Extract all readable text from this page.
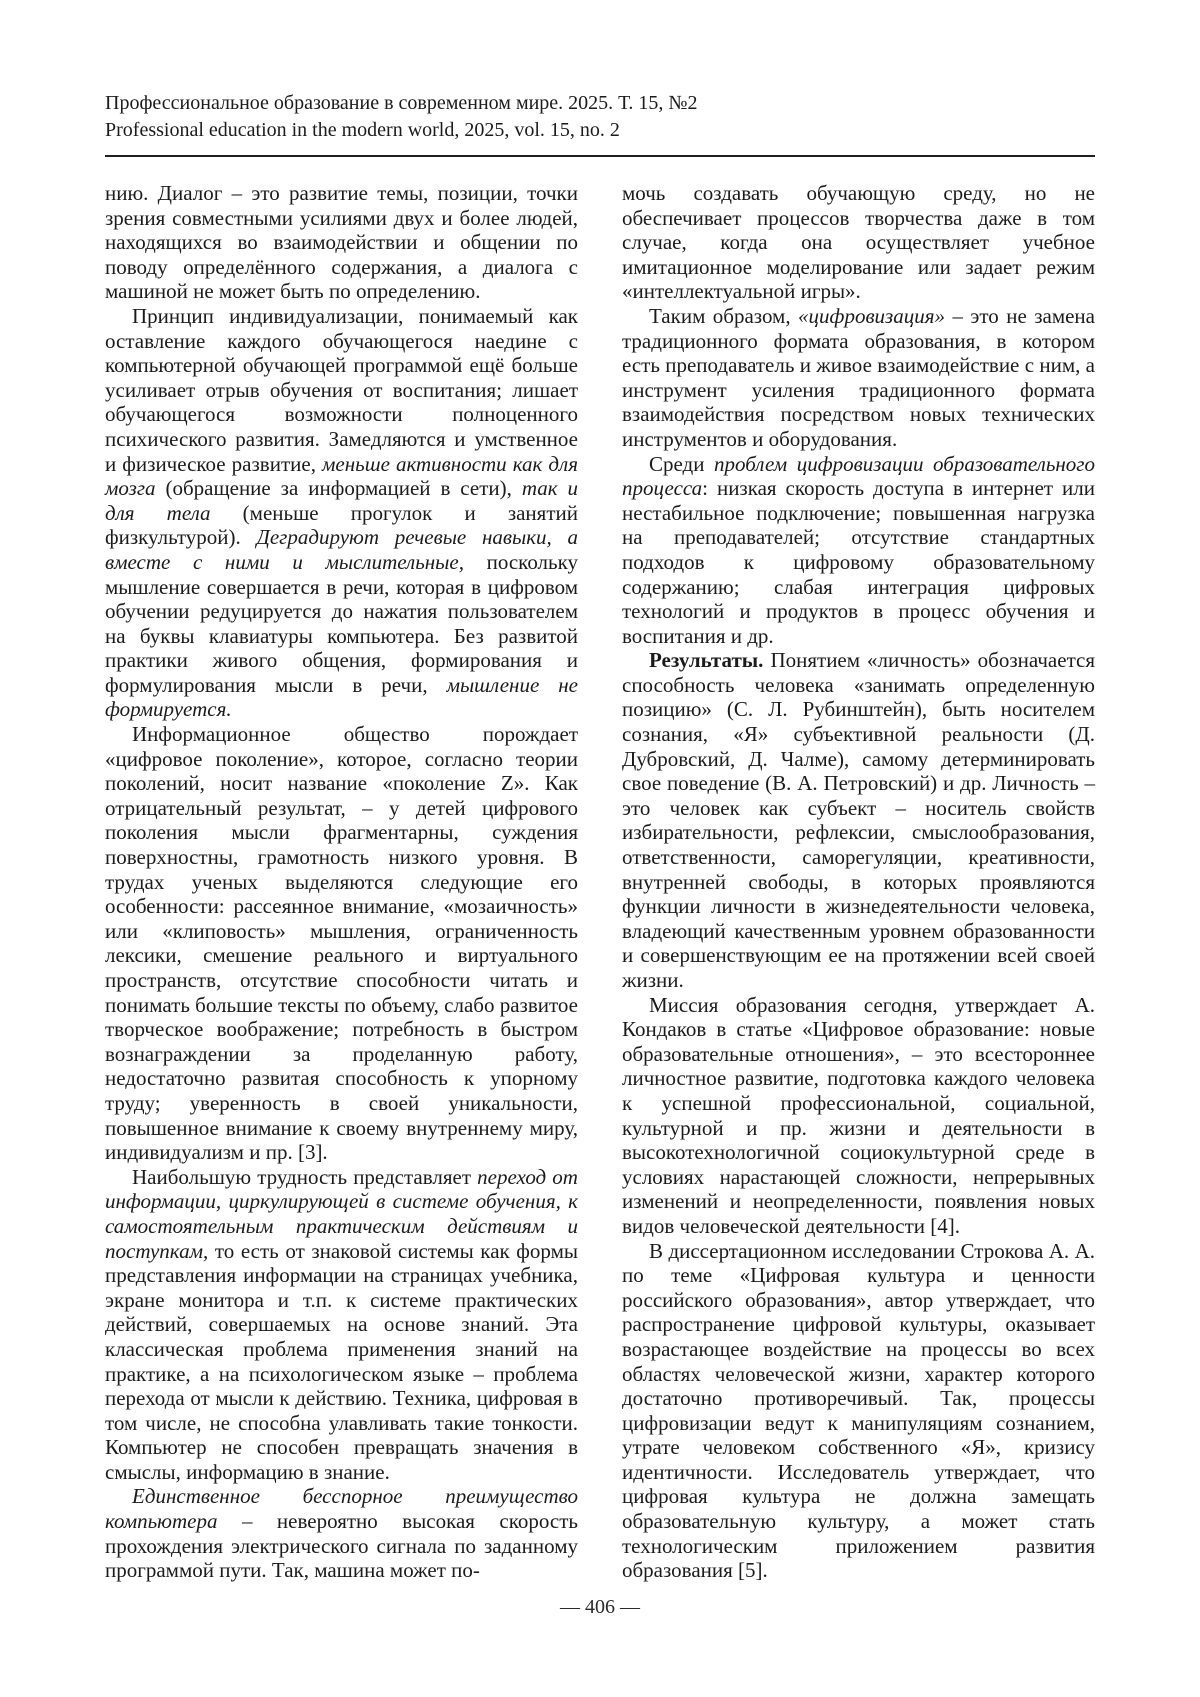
Профессиональное образование в современном мире. 2025. Т. 15, №2
Professional education in the modern world, 2025, vol. 15, no. 2

нию. Диалог – это развитие темы, позиции, точки зрения совместными усилиями двух и более людей, находящихся во взаимодействии и общении по поводу определённого содержания, а диалога с машиной не может быть по определению.

Принцип индивидуализации, понимаемый как оставление каждого обучающегося наедине с компьютерной обучающей программой ещё больше усиливает отрыв обучения от воспитания; лишает обучающегося возможности полноценного психического развития. Замедляются и умственное и физическое развитие, меньше активности как для мозга (обращение за информацией в сети), так и для тела (меньше прогулок и занятий физкультурой). Деградируют речевые навыки, а вместе с ними и мыслительные, поскольку мышление совершается в речи, которая в цифровом обучении редуцируется до нажатия пользователем на буквы клавиатуры компьютера. Без развитой практики живого общения, формирования и формулирования мысли в речи, мышление не формируется.

Информационное общество порождает «цифровое поколение», которое, согласно теории поколений, носит название «поколение Z». Как отрицательный результат, – у детей цифрового поколения мысли фрагментарны, суждения поверхностны, грамотность низкого уровня. В трудах ученых выделяются следующие его особенности: рассеянное внимание, «мозаичность» или «клиповость» мышления, ограниченность лексики, смешение реального и виртуального пространств, отсутствие способности читать и понимать большие тексты по объему, слабо развитое творческое воображение; потребность в быстром вознаграждении за проделанную работу, недостаточно развитая способность к упорному труду; уверенность в своей уникальности, повышенное внимание к своему внутреннему миру, индивидуализм и пр. [3].

Наибольшую трудность представляет переход от информации, циркулирующей в системе обучения, к самостоятельным практическим действиям и поступкам, то есть от знаковой системы как формы представления информации на страницах учебника, экране монитора и т.п. к системе практических действий, совершаемых на основе знаний. Эта классическая проблема применения знаний на практике, а на психологическом языке – проблема перехода от мысли к действию. Техника, цифровая в том числе, не способна улавливать такие тонкости. Компьютер не способен превращать значения в смыслы, информацию в знание.

Единственное бесспорное преимущество компьютера – невероятно высокая скорость прохождения электрического сигнала по заданному программой пути. Так, машина может по-

мочь создавать обучающую среду, но не обеспечивает процессов творчества даже в том случае, когда она осуществляет учебное имитационное моделирование или задает режим «интеллектуальной игры».

Таким образом, «цифровизация» – это не замена традиционного формата образования, в котором есть преподаватель и живое взаимодействие с ним, а инструмент усиления традиционного формата взаимодействия посредством новых технических инструментов и оборудования.

Среди проблем цифровизации образовательного процесса: низкая скорость доступа в интернет или нестабильное подключение; повышенная нагрузка на преподавателей; отсутствие стандартных подходов к цифровому образовательному содержанию; слабая интеграция цифровых технологий и продуктов в процесс обучения и воспитания и др.

Результаты. Понятием «личность» обозначается способность человека «занимать определенную позицию» (С. Л. Рубинштейн), быть носителем сознания, «Я» субъективной реальности (Д. Дубровский, Д. Чалме), самому детерминировать свое поведение (В. А. Петровский) и др. Личность – это человек как субъект – носитель свойств избирательности, рефлексии, смыслообразования, ответственности, саморегуляции, креативности, внутренней свободы, в которых проявляются функции личности в жизнедеятельности человека, владеющий качественным уровнем образованности и совершенствующим ее на протяжении всей своей жизни.

Миссия образования сегодня, утверждает А. Кондаков в статье «Цифровое образование: новые образовательные отношения», – это всестороннее личностное развитие, подготовка каждого человека к успешной профессиональной, социальной, культурной и пр. жизни и деятельности в высокотехнологичной социокультурной среде в условиях нарастающей сложности, непрерывных изменений и неопределенности, появления новых видов человеческой деятельности [4].

В диссертационном исследовании Строкова А. А. по теме «Цифровая культура и ценности российского образования», автор утверждает, что распространение цифровой культуры, оказывает возрастающее воздействие на процессы во всех областях человеческой жизни, характер которого достаточно противоречивый. Так, процессы цифровизации ведут к манипуляциям сознанием, утрате человеком собственного «Я», кризису идентичности. Исследователь утверждает, что цифровая культура не должна замещать образовательную культуру, а может стать технологическим приложением развития образования [5].

— 406 —
